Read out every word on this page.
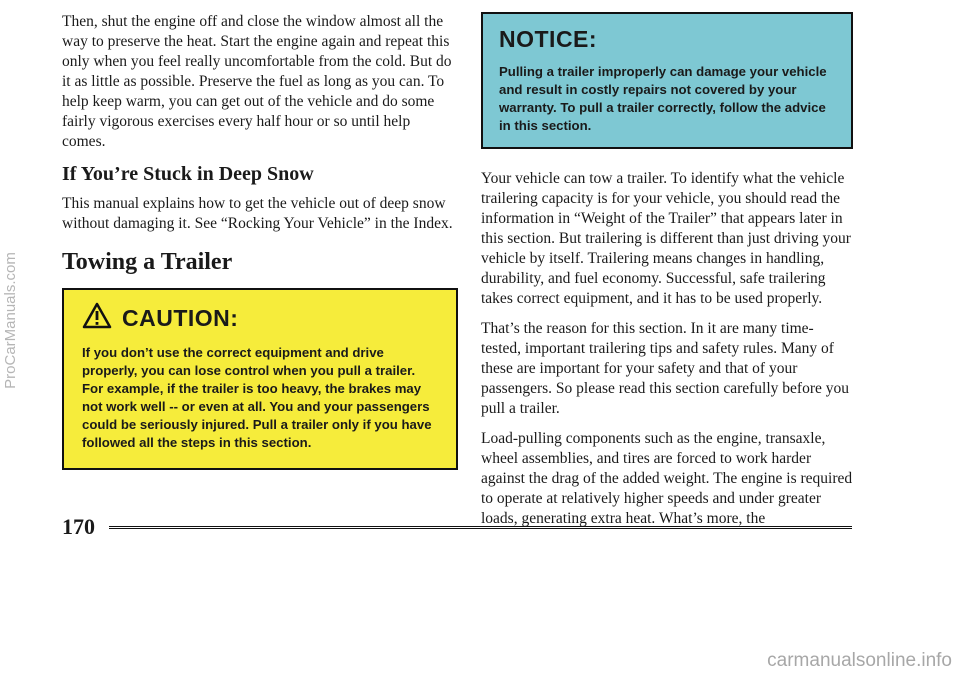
Then, shut the engine off and close the window almost all the way to preserve the heat. Start the engine again and repeat this only when you feel really uncomfortable from the cold. But do it as little as possible. Preserve the fuel as long as you can. To help keep warm, you can get out of the vehicle and do some fairly vigorous exercises every half hour or so until help comes.

If You’re Stuck in Deep Snow

This manual explains how to get the vehicle out of deep snow without damaging it. See “Rocking Your Vehicle” in the Index.

Towing a Trailer
CAUTION:

If you don’t use the correct equipment and drive properly, you can lose control when you pull a trailer. For example, if the trailer is too heavy, the brakes may not work well -- or even at all. You and your passengers could be seriously injured. Pull a trailer only if you have followed all the steps in this section.

NOTICE:

Pulling a trailer improperly can damage your vehicle and result in costly repairs not covered by your warranty. To pull a trailer correctly, follow the advice in this section.

Your vehicle can tow a trailer. To identify what the vehicle trailering capacity is for your vehicle, you should read the information in “Weight of the Trailer” that appears later in this section. But trailering is different than just driving your vehicle by itself. Trailering means changes in handling, durability, and fuel economy. Successful, safe trailering takes correct equipment, and it has to be used properly.

That’s the reason for this section. In it are many time-tested, important trailering tips and safety rules. Many of these are important for your safety and that of your passengers. So please read this section carefully before you pull a trailer.

Load-pulling components such as the engine, transaxle, wheel assemblies, and tires are forced to work harder against the drag of the added weight. The engine is required to operate at relatively higher speeds and under greater loads, generating extra heat. What’s more, the

170
ProCarManuals.com
carmanualsonline.info
